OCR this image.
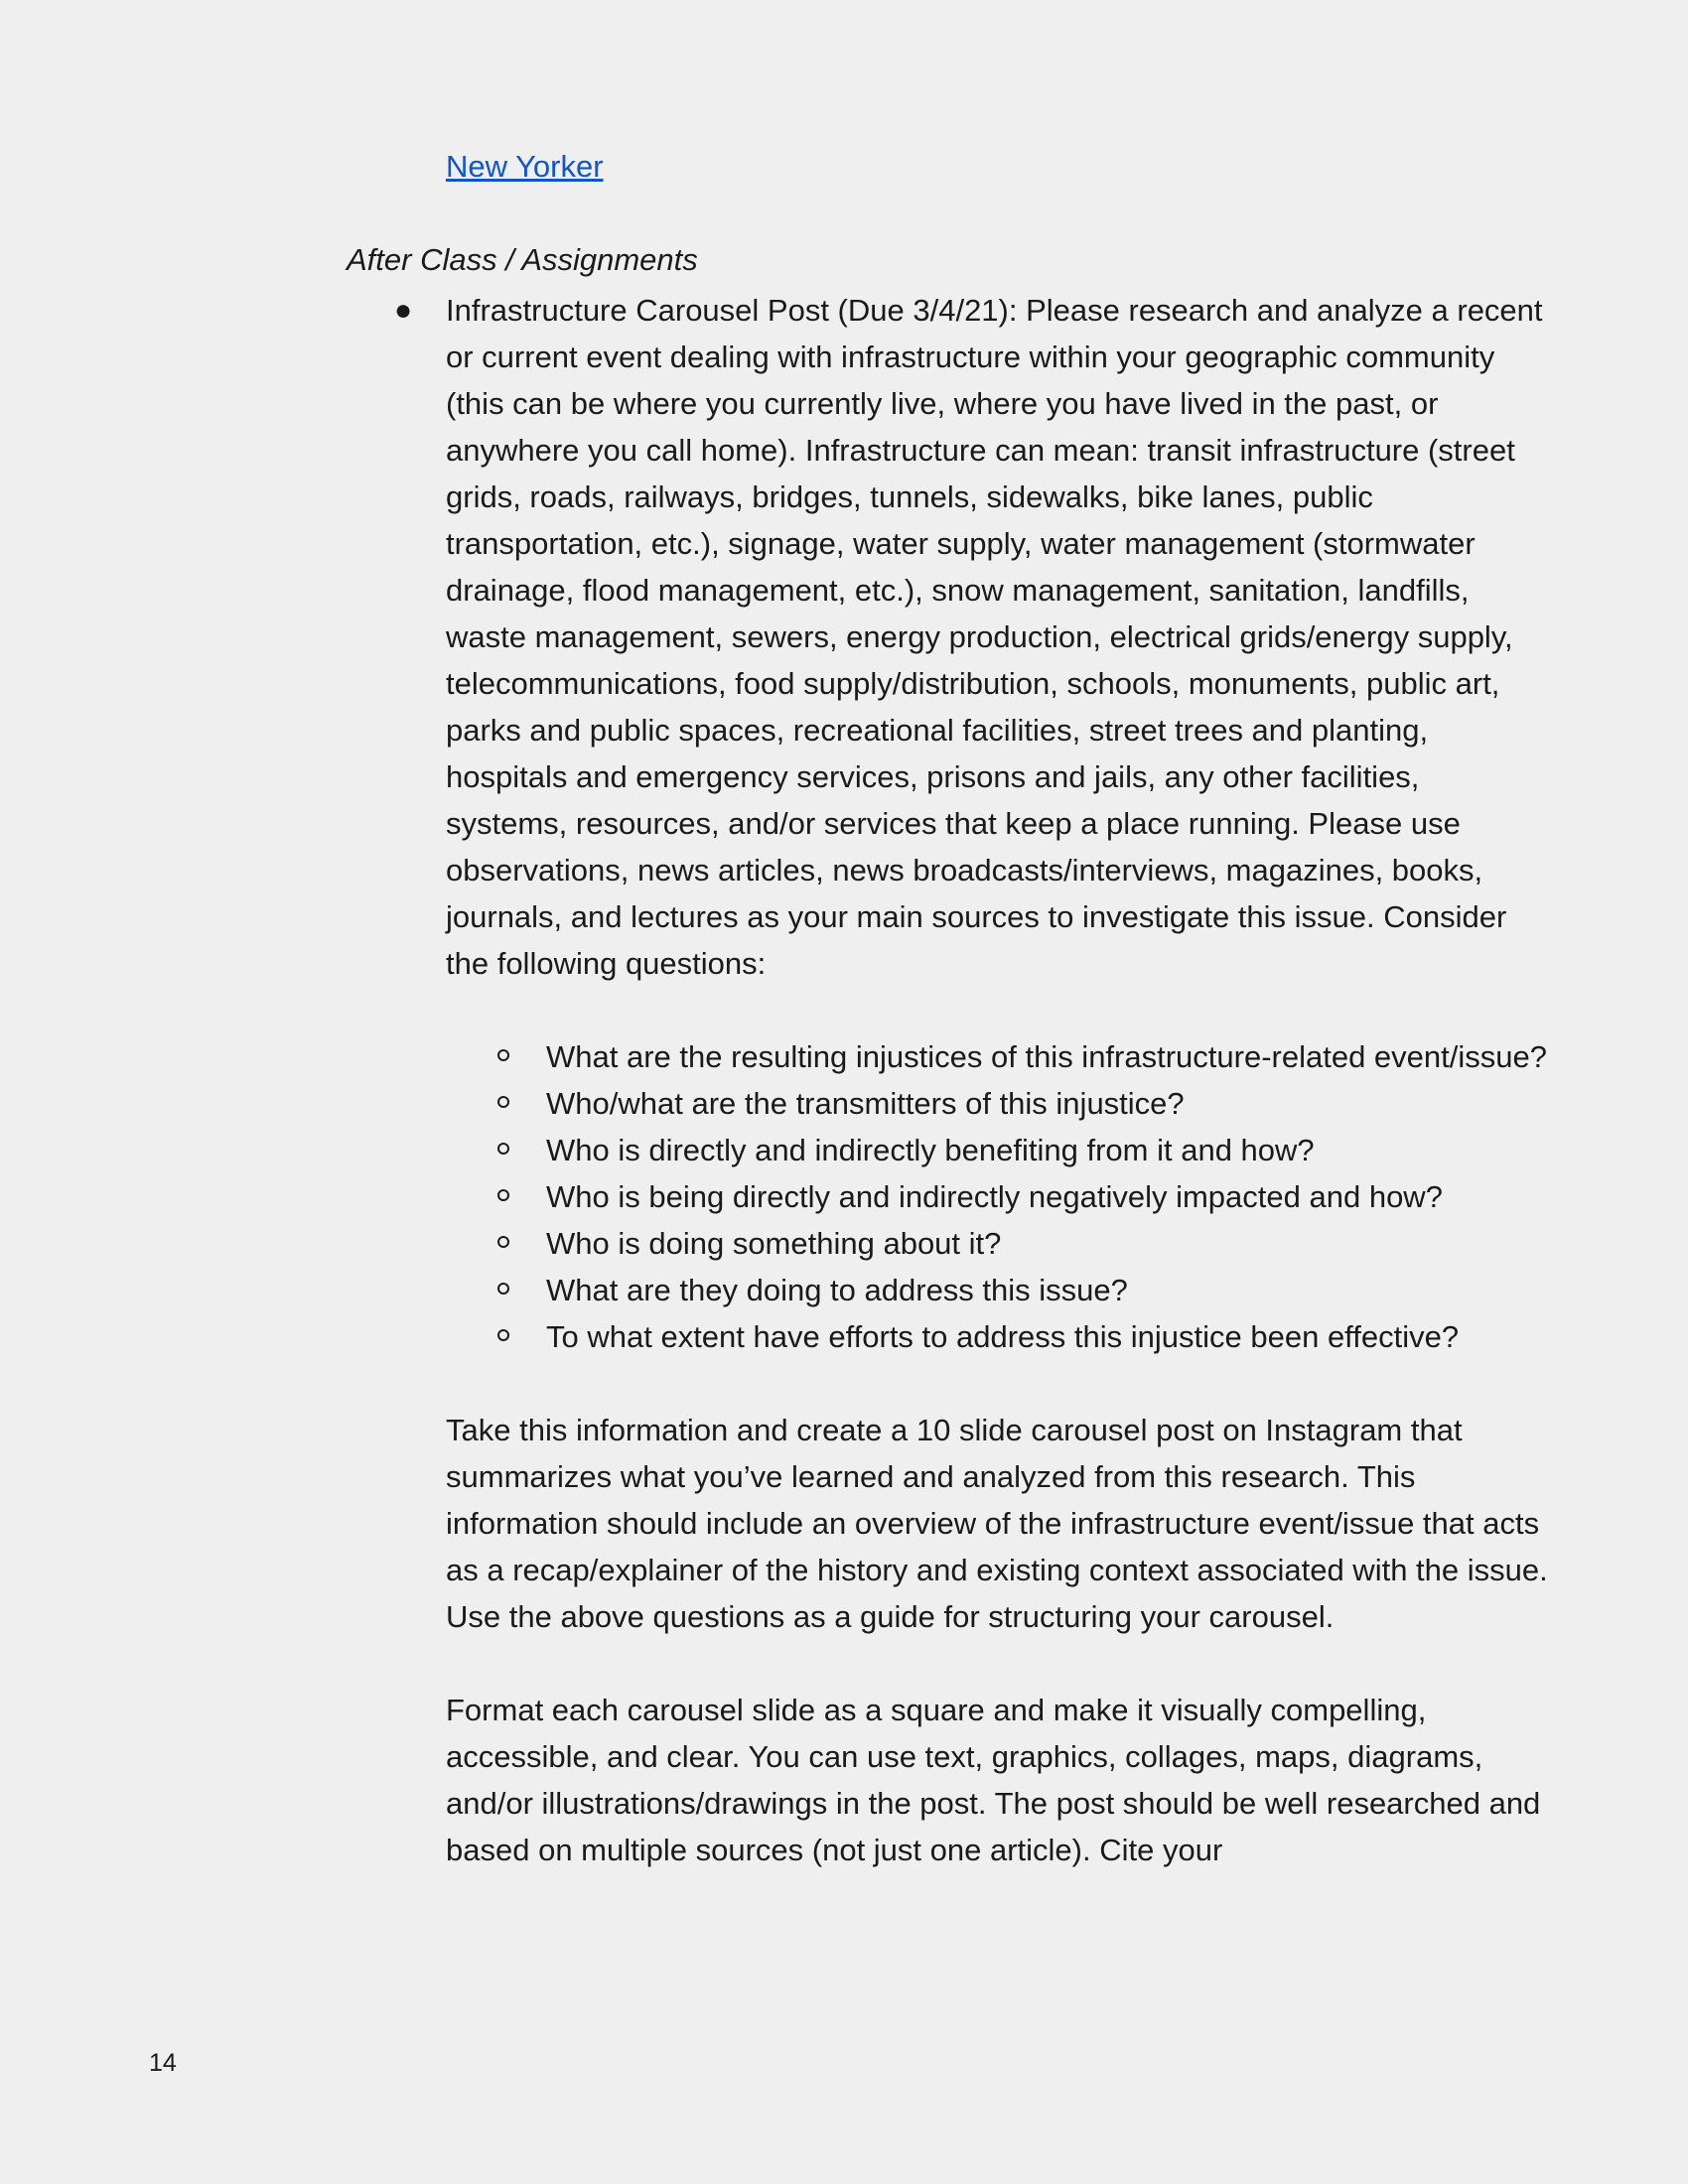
New Yorker
After Class / Assignments
● Infrastructure Carousel Post (Due 3/4/21): Please research and analyze a recent or current event dealing with infrastructure within your geographic community (this can be where you currently live, where you have lived in the past, or anywhere you call home). Infrastructure can mean: transit infrastructure (street grids, roads, railways, bridges, tunnels, sidewalks, bike lanes, public transportation, etc.), signage, water supply, water management (stormwater drainage, flood management, etc.), snow management, sanitation, landfills, waste management, sewers, energy production, electrical grids/energy supply, telecommunications, food supply/distribution, schools, monuments, public art, parks and public spaces, recreational facilities, street trees and planting, hospitals and emergency services, prisons and jails, any other facilities, systems, resources, and/or services that keep a place running. Please use observations, news articles, news broadcasts/interviews, magazines, books, journals, and lectures as your main sources to investigate this issue. Consider the following questions:

What are the resulting injustices of this infrastructure-related event/issue?
Who/what are the transmitters of this injustice?
Who is directly and indirectly benefiting from it and how?
Who is being directly and indirectly negatively impacted and how?
Who is doing something about it?
What are they doing to address this issue?
To what extent have efforts to address this injustice been effective?

Take this information and create a 10 slide carousel post on Instagram that summarizes what you’ve learned and analyzed from this research. This information should include an overview of the infrastructure event/issue that acts as a recap/explainer of the history and existing context associated with the issue. Use the above questions as a guide for structuring your carousel.

Format each carousel slide as a square and make it visually compelling, accessible, and clear. You can use text, graphics, collages, maps, diagrams, and/or illustrations/drawings in the post. The post should be well researched and based on multiple sources (not just one article). Cite your

14
